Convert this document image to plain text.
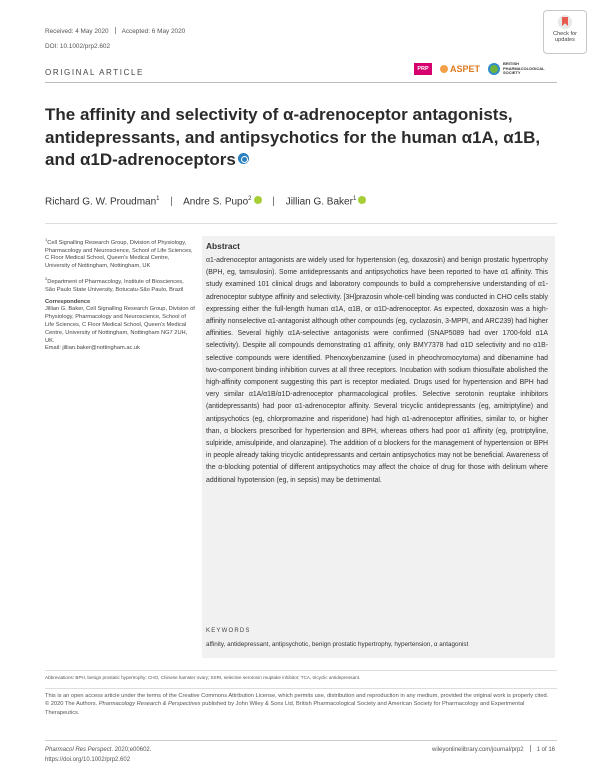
Received: 4 May 2020 Accepted: 6 May 2020
DOI: 10.1002/prp2.602
Check for
updates
ORIGINAL ARTICLE	PRP	ASPET
BRITISH PHARMACOLOGICAL SOCIETY
The affinity and selectivity of α-adrenoceptor antagonists, antidepressants, and antipsychotics for the human α1A, α1B, and α1D-adrenoceptors
Richard G. W. Proudman$^1$ | Andre S. Pupo$^2$ | Jillian G. Baker$^1$

$^1$Cell Signalling Research Group, Division of Physiology, Pharmacology and Neuroscience, School of Life Sciences, C Floor Medical School, Queen's Medical Centre, University of Nottingham, Nottingham, UK

$^2$Department of Pharmacology, Institute of Biosciences, São Paulo State University, Botucatu-São Paulo, Brazil

Correspondence

Jillian G. Baker, Cell Signalling Research Group, Division of Physiology, Pharmacology and Neuroscience, School of Life Sciences, C Floor Medical School, Queen's Medical Centre, University of Nottingham, Nottingham NG7 2UH, UK.
Email: jillian.baker@nottingham.ac.uk

Abstract
α1-adrenoceptor antagonists are widely used for hypertension (eg, doxazosin) and benign prostatic hypertrophy (BPH, eg, tamsulosin). Some antidepressants and antipsychotics have been reported to have α1 affinity. This study examined 101 clinical drugs and laboratory compounds to build a comprehensive understanding of α1-adrenoceptor subtype affinity and selectivity. [3H]prazosin whole-cell binding was conducted in CHO cells stably expressing either the full-length human α1A, α1B, or α1D-adrenoceptor. As expected, doxazosin was a high-affinity nonselective α1-antagonist although other compounds (eg, cyclazosin, 3-MPPI, and ARC239) had higher affinities. Several highly α1A-selective antagonists were confirmed (SNAP5089 had over 1700-fold α1A selectivity). Despite all compounds demonstrating α1 affinity, only BMY7378 had α1D selectivity and no α1B-selective compounds were identified. Phenoxybenzamine (used in pheochromocytoma) and dibenamine had two-component binding inhibition curves at all three receptors. Incubation with sodium thiosulfate abolished the high-affinity component suggesting this part is receptor mediated. Drugs used for hypertension and BPH had very similar α1A/α1B/α1D-adrenoceptor pharmacological profiles. Selective serotonin reuptake inhibitors (antidepressants) had poor α1-adrenoceptor affinity. Several tricyclic antidepressants (eg, amitriptyline) and antipsychotics (eg, chlorpromazine and risperidone) had high α1-adrenoceptor affinities, similar to, or higher than, α blockers prescribed for hypertension and BPH, whereas others had poor α1 affinity (eg, protriptyline, sulpiride, amisulpiride, and olanzapine). The addition of α blockers for the management of hypertension or BPH in people already taking tricyclic antidepressants and certain antipsychotics may not be beneficial. Awareness of the α-blocking potential of different antipsychotics may affect the choice of drug for those with delirium where additional hypotension (eg, in sepsis) may be detrimental.
KEYWORDS
affinity, antidepressant, antipsychotic, benign prostatic hypertrophy, hypertension, α antagonist
Abbreviations: BPH, benign prostatic hypertrophy; CHO, Chinese hamster ovary; SSRI, selective serotonin reuptake inhibitor; TCA, tricyclic antidepressant.

This is an open access article under the terms of the Creative Commons Attribution License, which permits use, distribution and reproduction in any medium, provided the original work is properly cited.

© 2020 The Authors. Pharmacology Research & Perspectives published by John Wiley & Sons Ltd, British Pharmacological Society and American Society for Pharmacology and Experimental Therapeutics.

Pharmacol Res Perspect. 2020;e00602.
https://doi.org/10.1002/prp2.602
wileyonlinelibrary.com/journal/prp2 1 of 16
